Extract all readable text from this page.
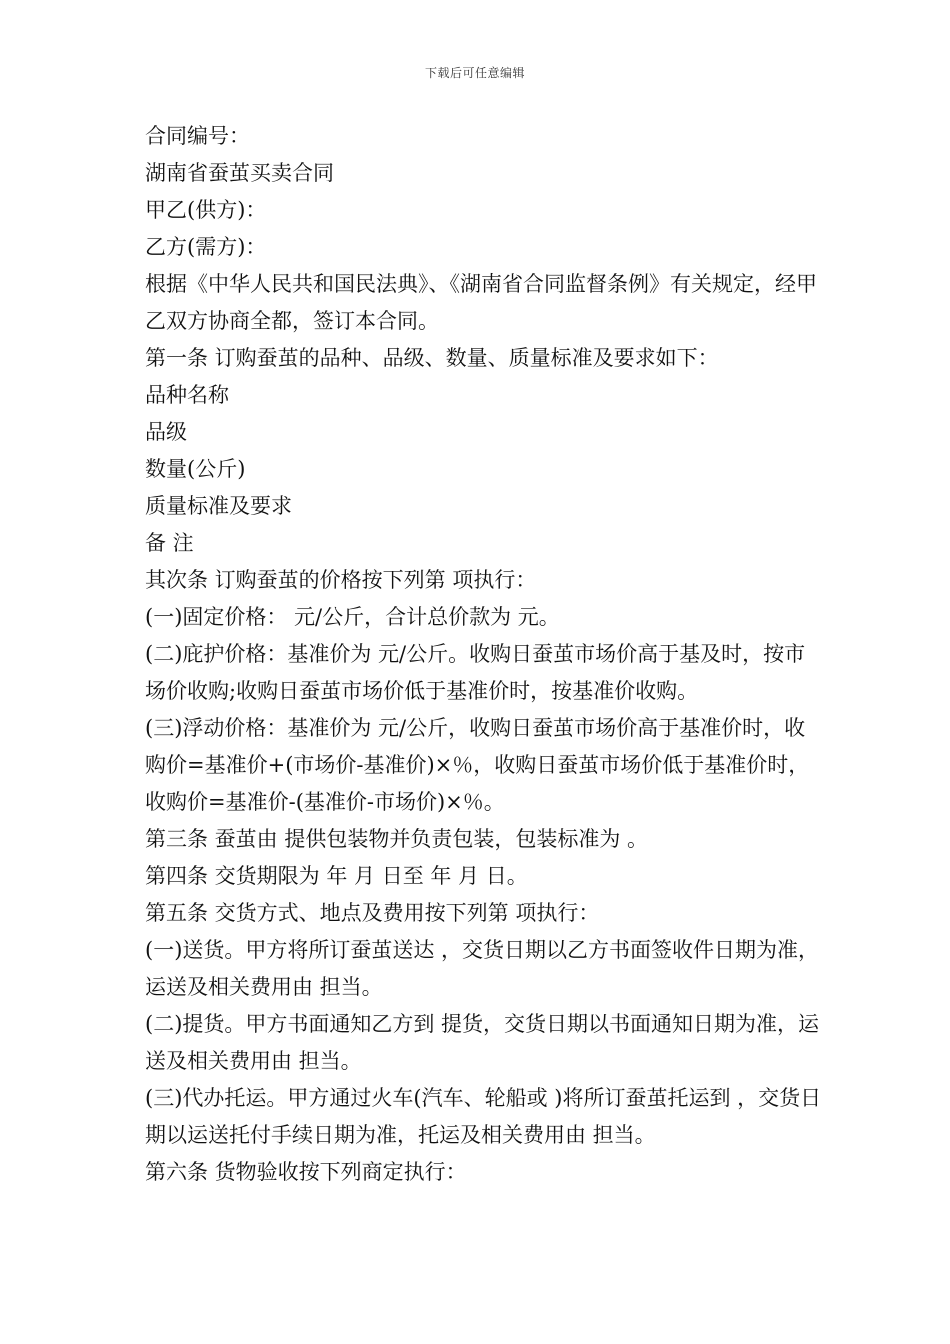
下载后可任意编辑

合同编号：

湖南省蚕茧买卖合同

甲乙(供方)：

乙方(需方)：

根据《中华人民共和国民法典》、《湖南省合同监督条例》有关规定，经甲乙双方协商全都，签订本合同。

第一条 订购蚕茧的品种、品级、数量、质量标准及要求如下：

品种名称

品级

数量(公斤)

质量标准及要求

备 注

其次条 订购蚕茧的价格按下列第 项执行：

(一)固定价格： 元/公斤，合计总价款为 元。

(二)庇护价格：基准价为 元/公斤。收购日蚕茧市场价高于基及时，按市场价收购;收购日蚕茧市场价低于基准价时，按基准价收购。

(三)浮动价格：基准价为 元/公斤，收购日蚕茧市场价高于基准价时，收购价=基准价+(市场价-基准价)×％，收购日蚕茧市场价低于基准价时，收购价=基准价-(基准价-市场价)×％。

第三条 蚕茧由 提供包装物并负责包装，包装标准为 。

第四条 交货期限为 年 月 日至 年 月 日。

第五条 交货方式、地点及费用按下列第 项执行：

(一)送货。甲方将所订蚕茧送达 ，交货日期以乙方书面签收件日期为准，运送及相关费用由 担当。

(二)提货。甲方书面通知乙方到 提货，交货日期以书面通知日期为准，运送及相关费用由 担当。

(三)代办托运。甲方通过火车(汽车、轮船或 )将所订蚕茧托运到 ，交货日期以运送托付手续日期为准，托运及相关费用由 担当。

第六条 货物验收按下列商定执行：
